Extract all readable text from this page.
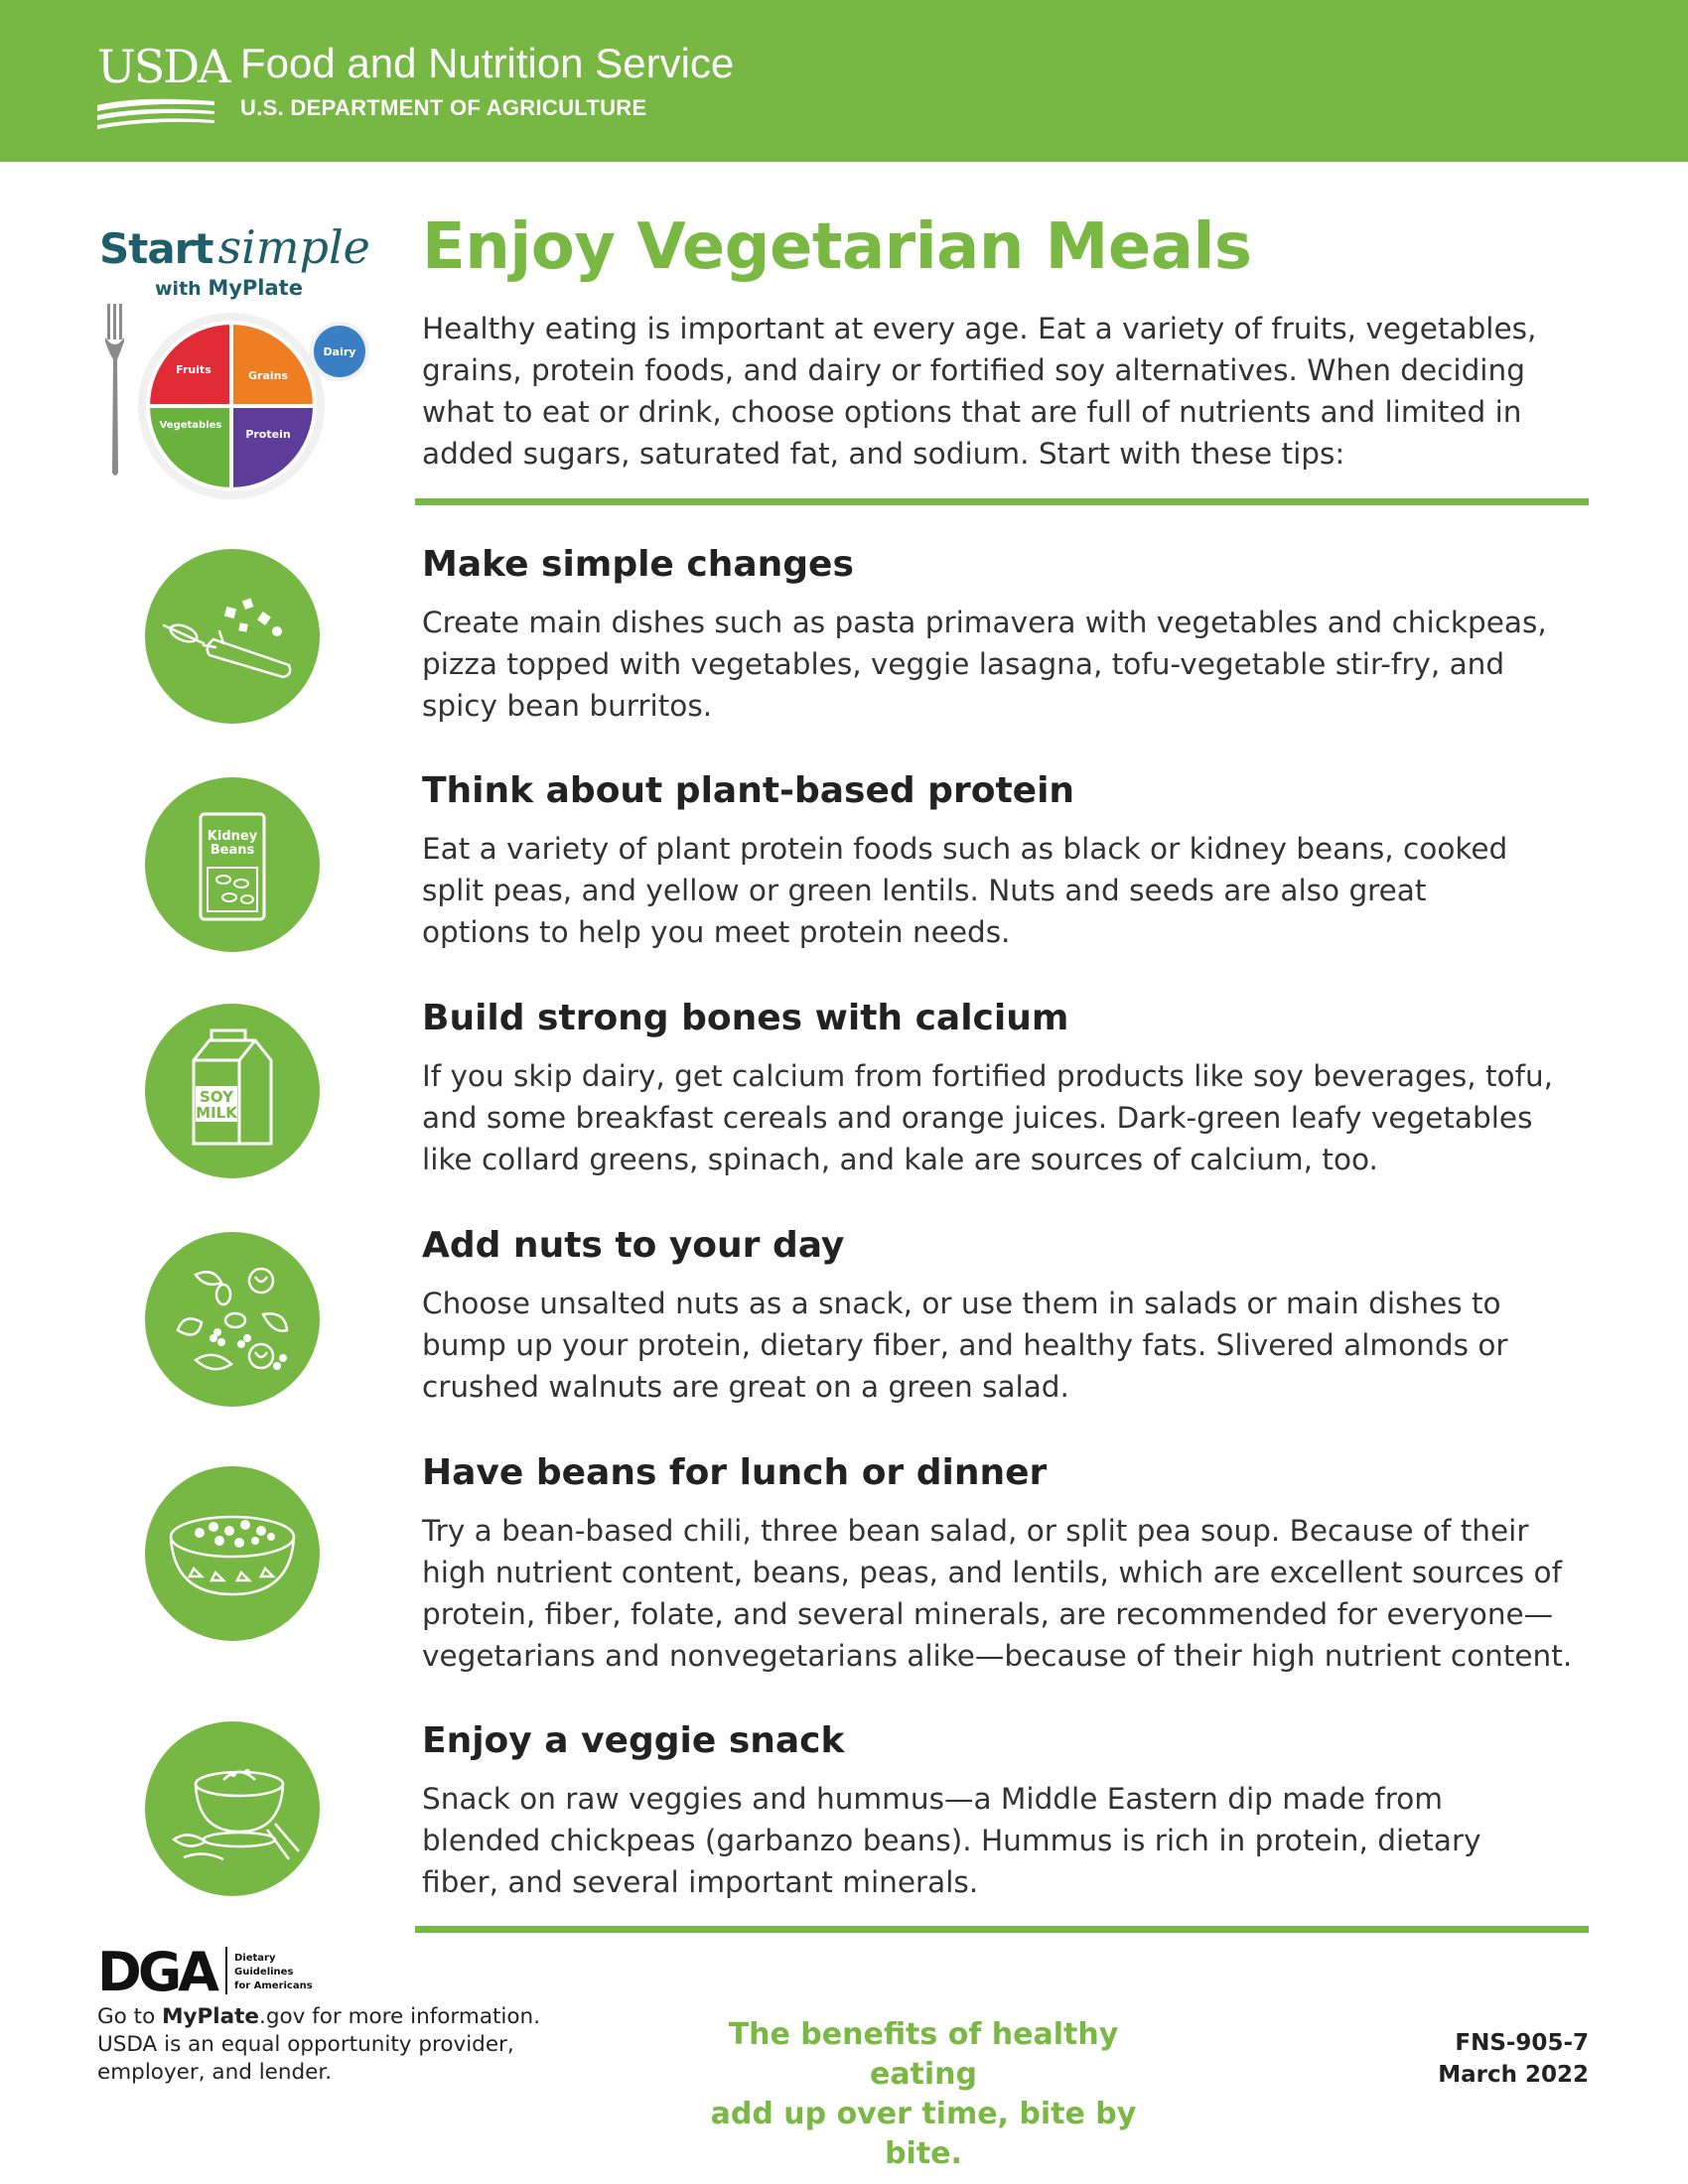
USDA Food and Nutrition Service
U.S. DEPARTMENT OF AGRICULTURE
Start simple
with MyPlate
Fruits	Grains
Vegetables
Protein
Dairy
Enjoy Vegetarian Meals
Healthy eating is important at every age. Eat a variety of fruits, vegetables,
grains, protein foods, and dairy or fortified soy alternatives. When deciding
what to eat or drink, choose options that are full of nutrients and limited in
added sugars, saturated fat, and sodium. Start with these tips:
Make simple changes
Create main dishes such as pasta primavera with vegetables and chickpeas,
pizza topped with vegetables, veggie lasagna, tofu-vegetable stir-fry, and
spicy bean burritos.
Kidney
Beans
Think about plant-based protein
Eat a variety of plant protein foods such as black or kidney beans, cooked
split peas, and yellow or green lentils. Nuts and seeds are also great
options to help you meet protein needs.
SOY
MILK
Build strong bones with calcium
If you skip dairy, get calcium from fortified products like soy beverages, tofu,
and some breakfast cereals and orange juices. Dark-green leafy vegetables
like collard greens, spinach, and kale are sources of calcium, too.
Add nuts to your day
Choose unsalted nuts as a snack, or use them in salads or main dishes to
bump up your protein, dietary fiber, and healthy fats. Slivered almonds or
crushed walnuts are great on a green salad.
Have beans for lunch or dinner
Try a bean-based chili, three bean salad, or split pea soup. Because of their
high nutrient content, beans, peas, and lentils, which are excellent sources of
protein, fiber, folate, and several minerals, are recommended for everyone—
vegetarians and nonvegetarians alike—because of their high nutrient content.
Enjoy a veggie snack
Snack on raw veggies and hummus—a Middle Eastern dip made from
blended chickpeas (garbanzo beans). Hummus is rich in protein, dietary
fiber, and several important minerals.
DGA	Dietary
Guidelines
for Americans
Go to MyPlate.gov for more information.
USDA is an equal opportunity provider,
employer, and lender.
The benefits of healthy eating
add up over time, bite by bite.
FNS-905-7
March 2022
